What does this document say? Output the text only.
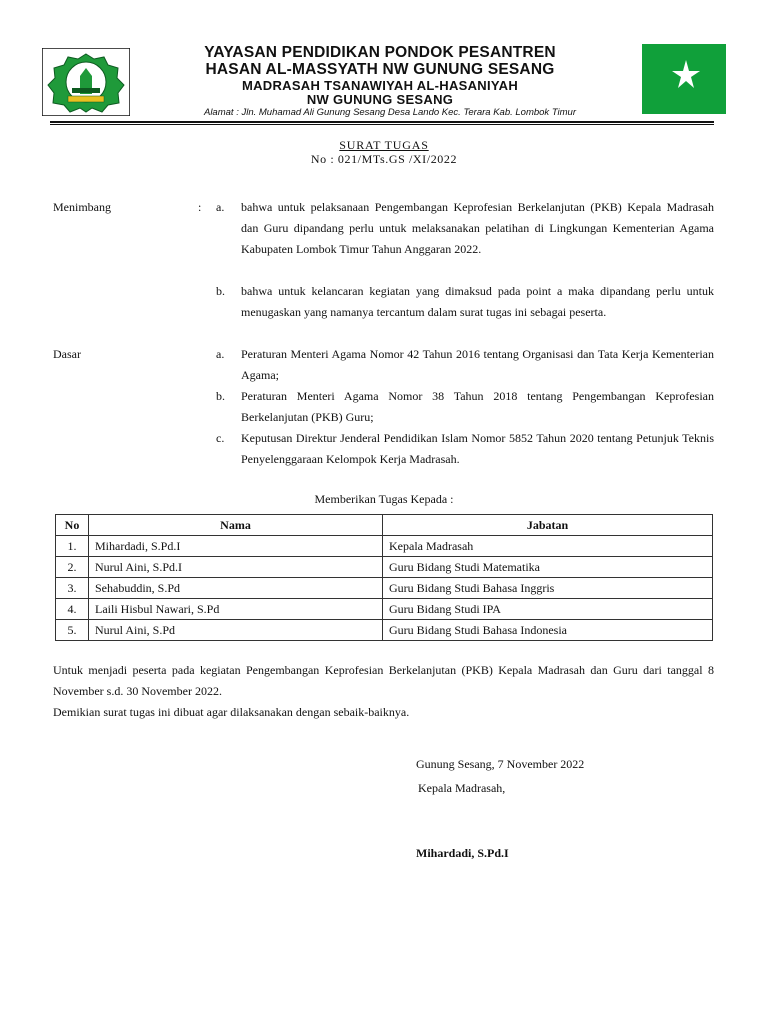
YAYASAN PENDIDIKAN PONDOK PESANTREN
HASAN AL-MASSYATH NW GUNUNG SESANG
MADRASAH TSANAWIYAH AL-HASANIYAH
NW GUNUNG SESANG
Alamat : Jln. Muhamad Ali Gunung Sesang Desa Lando Kec. Terara Kab. Lombok Timur
SURAT TUGAS
No : 021/MTs.GS /XI/2022
Menimbang	: a. bahwa untuk pelaksanaan Pengembangan Keprofesian Berkelanjutan (PKB) Kepala Madrasah dan Guru dipandang perlu untuk melaksanakan pelatihan di Lingkungan Kementerian Agama Kabupaten Lombok Timur Tahun Anggaran 2022.
b. bahwa untuk kelancaran kegiatan yang dimaksud pada point a maka dipandang perlu untuk menugaskan yang namanya tercantum dalam surat tugas ini sebagai peserta.
Dasar	a. Peraturan Menteri Agama Nomor 42 Tahun 2016 tentang Organisasi dan Tata Kerja Kementerian Agama;
b. Peraturan Menteri Agama Nomor 38 Tahun 2018 tentang Pengembangan Keprofesian Berkelanjutan (PKB) Guru;
c. Keputusan Direktur Jenderal Pendidikan Islam Nomor 5852 Tahun 2020 tentang Petunjuk Teknis Penyelenggaraan Kelompok Kerja Madrasah.
Memberikan Tugas Kepada :
No	Nama	Jabatan
1.	Mihardadi, S.Pd.I	Kepala Madrasah
2.	Nurul Aini, S.Pd.I	Guru Bidang Studi Matematika
3.	Sehabuddin, S.Pd	Guru Bidang Studi Bahasa Inggris
4.	Laili Hisbul Nawari, S.Pd	Guru Bidang Studi IPA
5.	Nurul Aini, S.Pd	Guru Bidang Studi Bahasa Indonesia
Untuk menjadi peserta pada kegiatan Pengembangan Keprofesian Berkelanjutan (PKB) Kepala Madrasah dan Guru dari tanggal 8 November s.d. 30 November 2022.
Demikian surat tugas ini dibuat agar dilaksanakan dengan sebaik-baiknya.
Gunung Sesang, 7 November 2022
Kepala Madrasah,
Mihardadi, S.Pd.I
